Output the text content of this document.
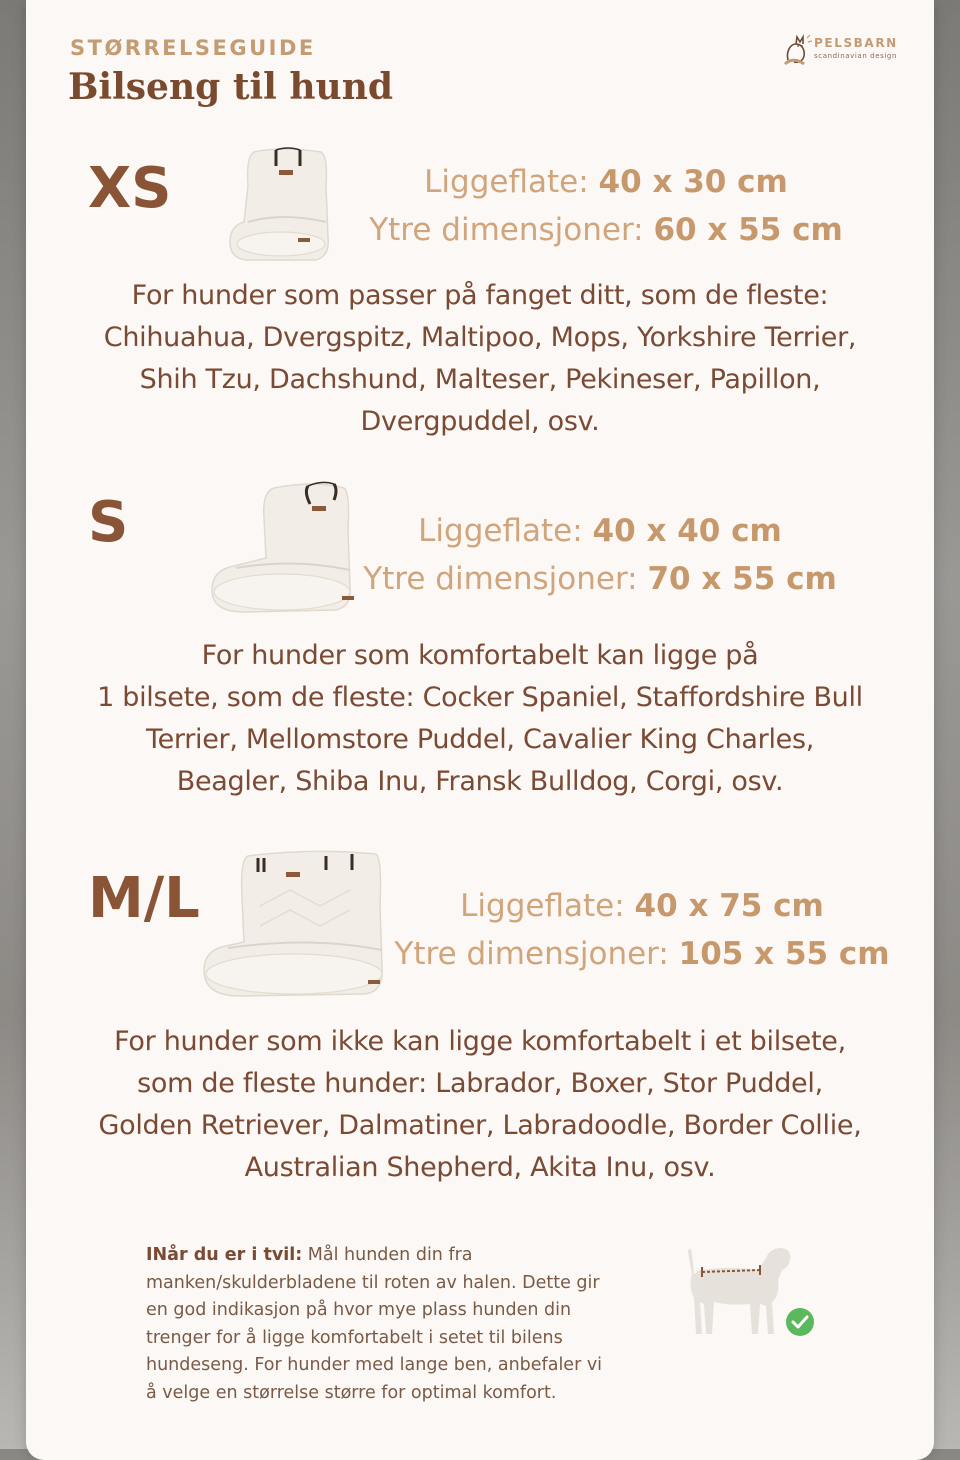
STØRRELSEGUIDE
Bilseng til hund
PELSBARN
scandinavian design
XS	Liggeflate: 40 x 30 cm
Ytre dimensjoner: 60 x 55 cm
For hunder som passer på fanget ditt, som de fleste:
Chihuahua, Dvergspitz, Maltipoo, Mops, Yorkshire Terrier,
Shih Tzu, Dachshund, Malteser, Pekineser, Papillon,
Dvergpuddel, osv.
S	Liggeflate: 40 x 40 cm
Ytre dimensjoner: 70 x 55 cm
For hunder som komfortabelt kan ligge på
1 bilsete, som de fleste: Cocker Spaniel, Staffordshire Bull
Terrier, Mellomstore Puddel, Cavalier King Charles,
Beagler, Shiba Inu, Fransk Bulldog, Corgi, osv.
M/L	Liggeflate: 40 x 75 cm
Ytre dimensjoner: 105 x 55 cm
For hunder som ikke kan ligge komfortabelt i et bilsete,
som de fleste hunder: Labrador, Boxer, Stor Puddel,
Golden Retriever, Dalmatiner, Labradoodle, Border Collie,
Australian Shepherd, Akita Inu, osv.
INår du er i tvil: Mål hunden din fra
manken/skulderbladene til roten av halen. Dette gir
en god indikasjon på hvor mye plass hunden din
trenger for å ligge komfortabelt i setet til bilens
hundeseng. For hunder med lange ben, anbefaler vi
å velge en størrelse større for optimal komfort.
